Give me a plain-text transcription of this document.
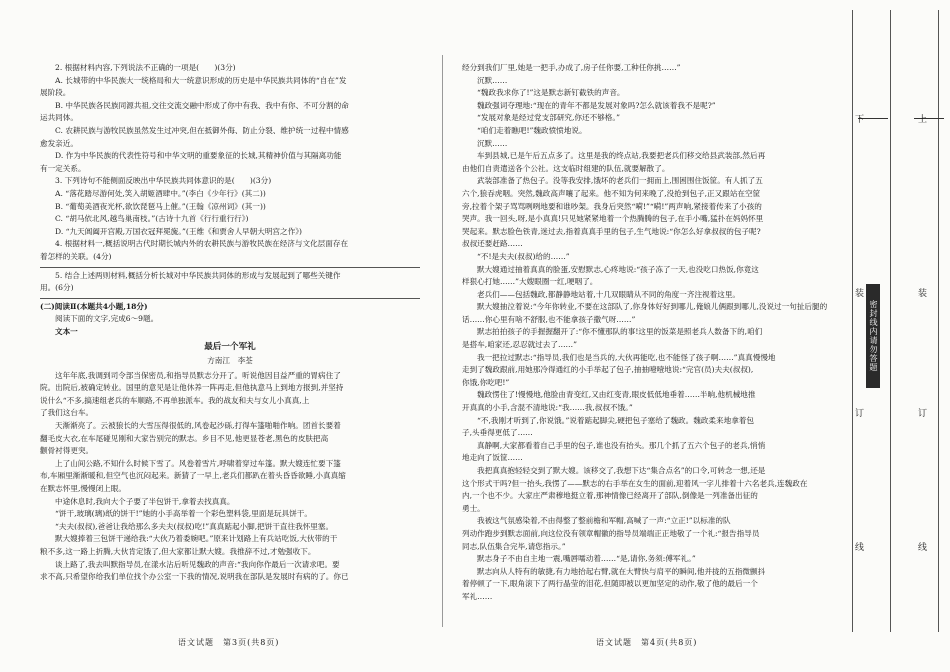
2. 根据材料内容,下列说法不正确的一项是(　　)(3分)
A. 长城带的中华民族大一统格局和大一统意识形成的历史是中华民族共同体的“自在”发
展阶段。
B. 中华民族各民族同源共祖,交往交流交融中形成了你中有我、我中有你、不可分割的命
运共同体。
C. 农耕民族与游牧民族虽然发生过冲突,但在抵御外侮、防止分裂、维护统一过程中情感
愈发亲近。
D. 作为中华民族的代表性符号和中华文明的重要象征的长城,其精神价值与其隔离功能
有一定关系。
3. 下列诗句不能侧面反映出中华民族共同体意识的是(　　)(3分)
A. “落花踏尽游何处,笑入胡姬酒肆中。”(李白《少年行》(其二))
B. “葡萄美酒夜光杯,欲饮琵琶马上催。”(王翰《凉州词》(其一))
C. “胡马依北风,越鸟巢南枝。”(古诗十九首《行行重行行》)
D. “九天阊阖开宫殿,万国衣冠拜冕旒。”(王维《和贾舍人早朝大明宫之作》)
4. 根据材料一,概括说明古代时期长城内外的农耕民族与游牧民族在经济与文化层面存在
着怎样的关联。(4分)
5. 结合上述两则材料,概括分析长城对中华民族共同体的形成与发展起到了哪些关键作
用。(6分)
(二)阅读Ⅱ(本题共4小题,18分)
阅读下面的文字,完成6～9题。
文本一
最后一个军礼
方南江　李荃
这年年底,我调到司令部当保密员,和指导员默志分开了。听说他因目益严重的胃病住了
院。出院后,被确定转业。国里的意见是让他休养一阵再走,但他执意马上到地方报到,并坚持
说什么“不多,搞速组老兵的车顺路,不再单独派车。我的战友和夫与女儿小真真,上
了我们这台车。
天渐渐亮了。云被狼长的大雪压得很低的,风卷起沙砾,打得车篷啪啪作响。团首长要着
翻毛皮大衣,在车尾碰见刚和大家告别完的默志。乡目不见,他更显苍老,黑色的皮肤把高
颧骨衬得更突。
上了山间公路,不知什么时候下雪了。风卷着雪片,呼啸着穿过车篷。默大嫂连忙要下篷
布,车厢里渐渐暖和,但空气也沉闷起来。新猜了一早上,老兵们都趴在着头昏昏欲睡,小真真缩
在默志怀里,慢慢闭上眼。
中途休息时,我向大个子要了半包饼干,拿着去找真真。
“饼干,玻璃(璃)纸的饼干!”她的小手高举着一个彩色塑料袋,里面是玩具饼干。
“夫夫(叔叔),爸爸让我给那么多夫夫(叔叔)吃!”真真踮起小脚,把饼干直往我怀里塞。
默大嫂捧着三包饼干递给我:“大伙乃着委婉吧。”原来计划路上有兵站吃饭,大伙带的干
粮不多,这一路上折腾,大伙肯定饿了,但大家都让默大嫂。我推辞不过,才勉强收下。
谈上路了,我去叫默指导员,在漾水沾后听见魏政的声音:“我向你作最后一次请求吧。要
求不高,只希望你给我们单位找个办公室一下我的情况,说明我在部队是发展时有病的了。你已
经分到我们厂里,她是一把手,办成了,房子任你要,工种任你挑……”
沉默……
“魏政我求你了!”这是默志新钉截铁的声音。
魏政强词夺理地:“现在的青年不都是发展对象吗?怎么就该着我不是呢?”
“发展对象是经过党支部研究,你还不够格。”
“咱们走着瞧吧!”魏政愤愤地说。
沉默……
车到县城,已是午后五点多了。这里是我的终点站,我要把老兵们移交给县武装部,然后再
由他们自责遣送各个公社。这支临时组建的队伍,就要解散了。
武装部准备了热包子。没等我安排,饿坏的老兵们一拥而上,围困围住饭筐。有人抓了五
六个,狼吞虎咽。突然,魏政高声嚷了起来。他不知为何来晚了,没抢到包子,正又跟站在空筐
旁,拉着个架子骂骂咧咧地要和谁吵架。我身后突然“嗬!”“嗬!”两声响,紧接着传来了小孩的
哭声。我一回头,呀,是小真真!只见她紧紧地着一个热腾腾的包子,在手小嘴,猛扑在妈妈怀里
哭起来。默志脸色铁青,迷过去,指着真真手里的包子,生气地说:“你怎么好拿叔叔的包子呢?
叔叔还要赶路……
“不!是夫夫(叔叔)给的……”
默大嫂通过抽着真真的脸蛋,安慰默志,心疼地说:“孩子冻了一天,也没吃口热饭,你竟这
样狠心打她……”大嫂眼圈一红,哽咽了。
老兵们——包括魏政,都静静地站着,十几双眼睛从不同的角度一齐注视着这里。
默大嫂抽泣着说:“今年你转业,不要在这部队了,你身体好好到哪儿,俺娘儿俩跟到哪儿,没说过一句扯后腿的
话……你心里有啥不舒服,也不能拿孩子撒气呀……”
默志拍拍孩子的手握握翻开了:“你不懂那队的事!这里的饭菜是照老兵人数备下的,咱们
是搭车,咱家还,忍忍就过去了……”
我一把拉过默志:“指导员,我们也是当兵的,大伙再能吃,也不能怪了孩子啊……”真真慢慢地
走到了魏政跟前,用她那冷得通红的小手举起了包子,抽抽噎噎地说:“完官(员)夫夫(叔叔),
你饿,你吃吧!”
魏政愣住了!慢慢地,他脸由青变红,又由红变青,眼皮低低地垂着……半晌,他机械地推
开真真的小手,含混不清地说:“我……我,叔叔不饿。”
“不,我刚才听到了,你说饿。”说着踮起脚尖,硬把包子塞给了魏政。魏政柔来地拿着包
子,头垂得更低了……
真静啊,大家都看着自己手里的包子,谁也没有抬头。那几个抓了五六个包子的老兵,悄悄
地走向了饭筐……
我把真真抱轻轻交到了默大嫂。该移交了,我想下达“集合点名”的口令,可转念一想,还是
这个形式干吗?但一抬头,我愣了——默志的右手举在女生的面前,迎着风一字儿排着十六名老兵,连魏政在
内,一个也不少。大家庄严肃穆地挺立着,那神情像已经离开了部队,倒像是一列准备出征的
勇士。
我被这气氛感染着,不由得整了整前檐和军帽,高喊了一声:“立正!”以标准的队
列动作跑步到默志面前,向这位没有领章帽徽的指导员端端正正地敬了一个礼:“报告指导员
同志,队伍集合完毕,请您指示。”
默志身子不由自主地一震,嘴唇嚅动着……“是,请你,务须:傅军礼。”
默志向从人特有的敏捷,有力地抬起右臂,就在大臂快与肩平的瞬间,他并拢的五指微颤抖
着停顿了一下,眼角滚下了两行晶莹的泪花,但随即被以更加坚定的动作,敬了他的最后一个
军礼……
语文试题　第3页(共8页)	语文试题　第4页(共8页)
下	上
装	装
订	订
线	线
密封线内请勿答题
